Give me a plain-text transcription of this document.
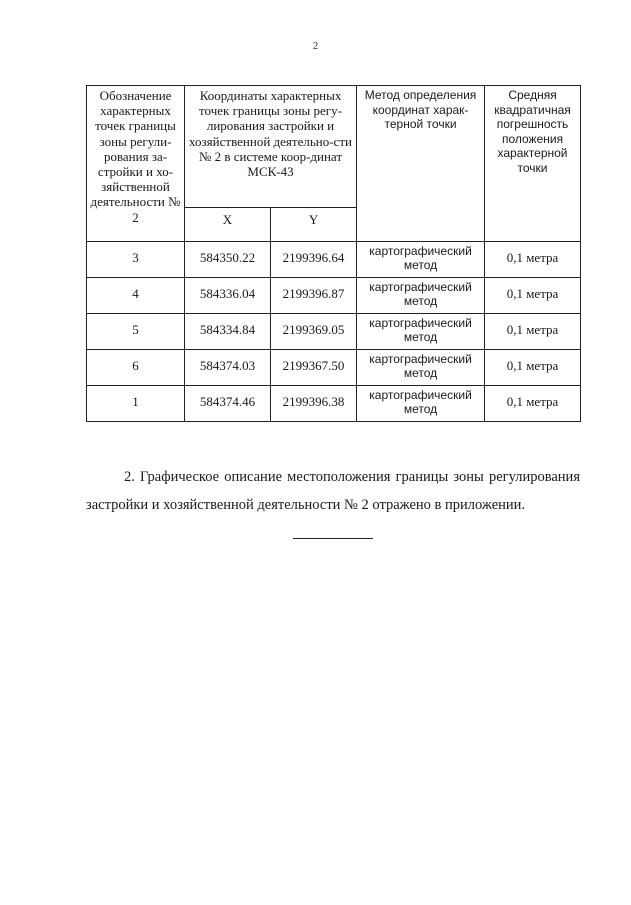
2
Обозначение характерных точек границы зоны регули-рования за-стройки и хо-зяйственной деятельности № 2	Координаты характерных точек границы зоны регу-лирования застройки и хозяйственной деятельно-сти № 2 в системе коор-динат МСК-43		Метод определения координат харак-терной точки	Средняя квадратичная погрешность положения характерной точки
	X	Y		
3	584350.22	2199396.64	картографический метод	0,1 метра
4	584336.04	2199396.87	картографический метод	0,1 метра
5	584334.84	2199369.05	картографический метод	0,1 метра
6	584374.03	2199367.50	картографический метод	0,1 метра
1	584374.46	2199396.38	картографический метод	0,1 метра

2. Графическое описание местоположения границы зоны регулирования застройки и хозяйственной деятельности № 2 отражено в приложении.
